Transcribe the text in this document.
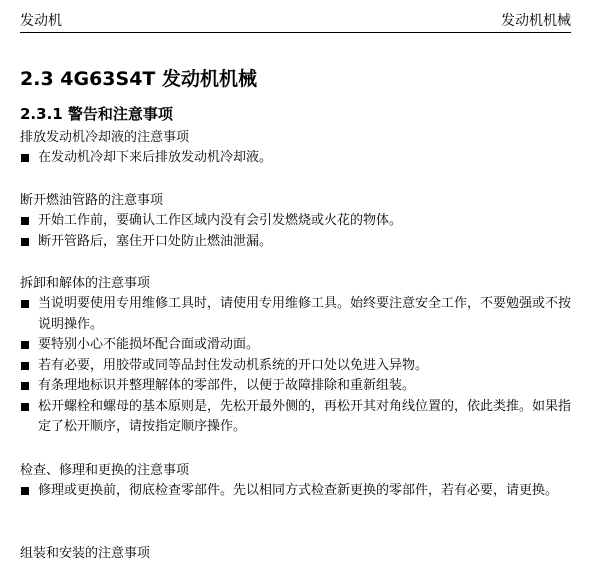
发动机	发动机机械
2.3 4G63S4T 发动机机械
2.3.1 警告和注意事项
排放发动机冷却液的注意事项
在发动机冷却下来后排放发动机冷却液。
断开燃油管路的注意事项
开始工作前，要确认工作区域内没有会引发燃烧或火花的物体。
断开管路后，塞住开口处防止燃油泄漏。
拆卸和解体的注意事项
当说明要使用专用维修工具时，请使用专用维修工具。始终要注意安全工作，不要勉强或不按说明操作。
要特别小心不能损坏配合面或滑动面。
若有必要，用胶带或同等品封住发动机系统的开口处以免进入异物。
有条理地标识并整理解体的零部件，以便于故障排除和重新组装。
松开螺栓和螺母的基本原则是，先松开最外侧的，再松开其对角线位置的，依此类推。如果指定了松开顺序，请按指定顺序操作。
检查、修理和更换的注意事项
修理或更换前，彻底检查零部件。先以相同方式检查新更换的零部件，若有必要，请更换。
组装和安装的注意事项
